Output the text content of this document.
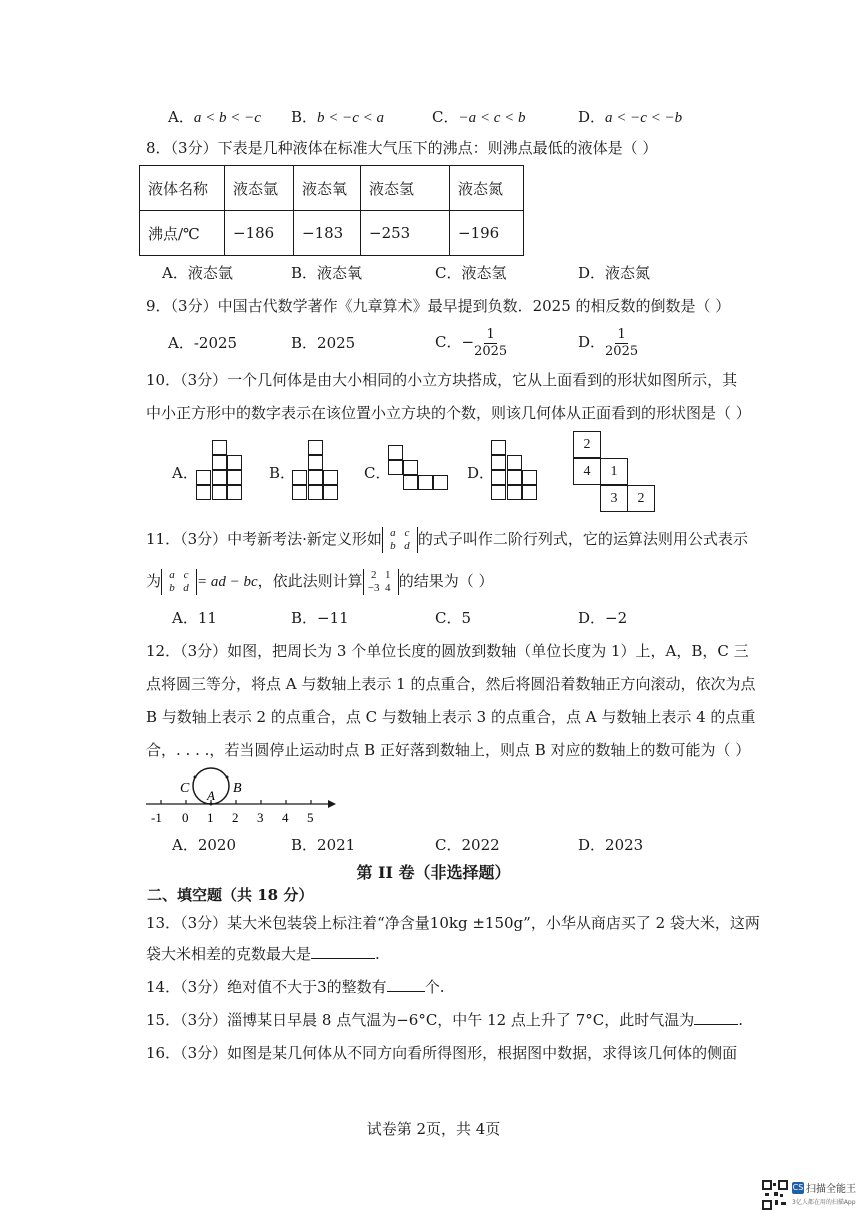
A．a < b < −c B．b < −c < a	C．−a < c < b	D．a < −c < −b
8．（3分）下表是几种液体在标准大气压下的沸点：则沸点最低的液体是（ ）
液体名称	液态氩	液态氧	液态氢	液态氮
沸点/℃	−186	−183	−253	−196
A．液态氩	B．液态氧	C．液态氢	D．液态氮
9．（3分）中国古代数学著作《九章算术》最早提到负数．2025 的相反数的倒数是（ ）
A．-2025	B．2025	C．− $\frac{1}{2025}$	D． $\frac{1}{2025}$
10．（3分）一个几何体是由大小相同的小立方块搭成，它从上面看到的形状如图所示，其
中小正方形中的数字表示在该位置小立方块的个数，则该几何体从正面看到的形状图是（ ）
A．	B．	C．	D．
2
4	1
3	2
11．（3分）中考新考法·新定义形如 a c
b d 的式子叫作二阶行列式，它的运算法则用公式表示
为 a c
b d = ad − bc，依此法则计算 2 1
−3 4 的结果为（ ）
A．11	B．−11	C．5	D．−2
12．（3分）如图，把周长为 3 个单位长度的圆放到数轴（单位长度为 1）上，A，B，C 三
点将圆三等分，将点 A 与数轴上表示 1 的点重合，然后将圆沿着数轴正方向滚动，依次为点
B 与数轴上表示 2 的点重合，点 C 与数轴上表示 3 的点重合，点 A 与数轴上表示 4 的点重
合，. . . .，若当圆停止运动时点 B 正好落到数轴上，则点 B 对应的数轴上的数可能为（ ）
C	B
A
-1 0 1 2 3 4 5
A．2020	B．2021	C．2022	D．2023
第 II 卷（非选择题）
二、填空题（共 18 分）
13．（3分）某大米包装袋上标注着“净含量10kg ±150g”，小华从商店买了 2 袋大米，这两
袋大米相差的克数最大是	.
14．（3分）绝对值不大于3的整数有	个.
15．（3分）淄博某日早晨 8 点气温为−6°C，中午 12 点上升了 7°C，此时气温为	.
16．（3分）如图是某几何体从不同方向看所得图形，根据图中数据，求得该几何体的侧面
试卷第 2页，共 4页
CS 扫描全能王
3亿人都在用的扫描App
